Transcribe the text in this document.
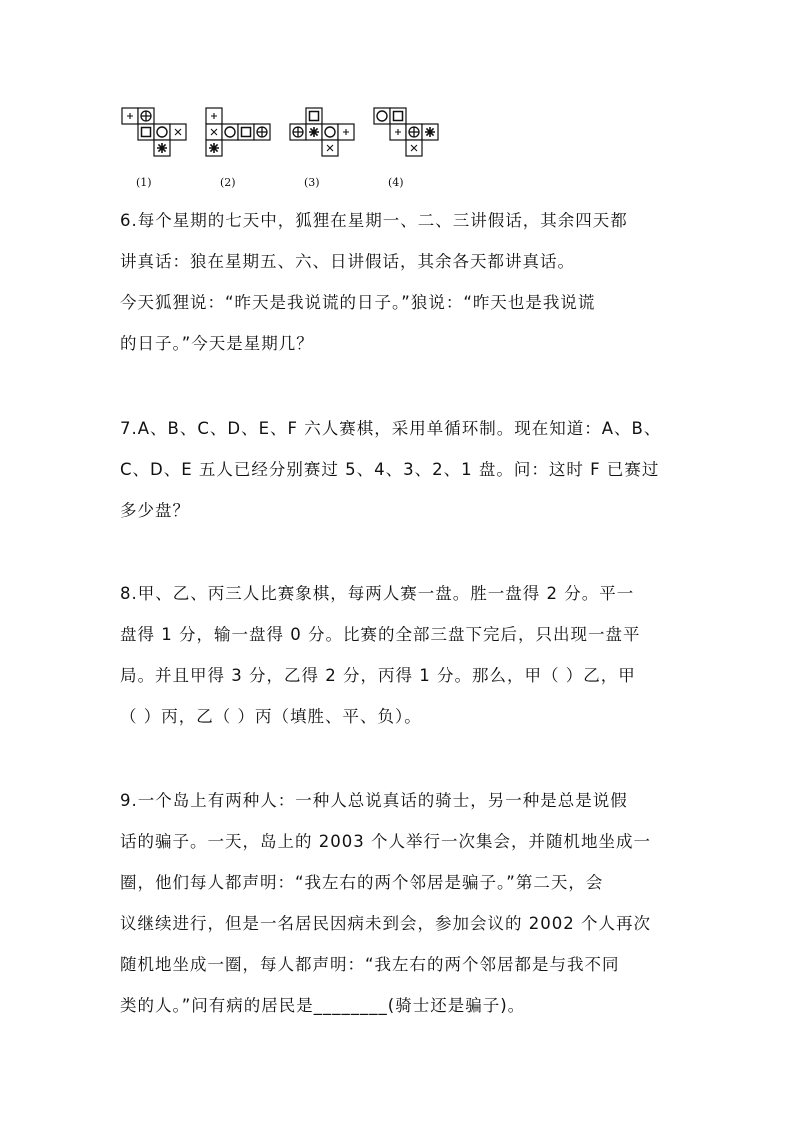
(1)	(2)	(3)	(4)

6.每个星期的七天中，狐狸在星期一、二、三讲假话，其余四天都

讲真话：狼在星期五、六、日讲假话，其余各天都讲真话。

今天狐狸说：“昨天是我说谎的日子。”狼说：“昨天也是我说谎

的日子。”今天是星期几？

7.A、B、C、D、E、F 六人赛棋，采用单循环制。现在知道：A、B、

C、D、E 五人已经分别赛过 5、4、3、2、1 盘。问：这时 F 已赛过

多少盘？

8.甲、乙、丙三人比赛象棋，每两人赛一盘。胜一盘得 2 分。平一

盘得 1 分，输一盘得 0 分。比赛的全部三盘下完后，只出现一盘平

局。并且甲得 3 分，乙得 2 分，丙得 1 分。那么，甲（ ）乙，甲

（ ）丙，乙（ ）丙（填胜、平、负）。

9.一个岛上有两种人：一种人总说真话的骑士，另一种是总是说假

话的骗子。一天，岛上的 2003 个人举行一次集会，并随机地坐成一

圈，他们每人都声明：“我左右的两个邻居是骗子。”第二天，会

议继续进行，但是一名居民因病未到会，参加会议的 2002 个人再次

随机地坐成一圈，每人都声明：“我左右的两个邻居都是与我不同

类的人。”问有病的居民是________(骑士还是骗子)。
